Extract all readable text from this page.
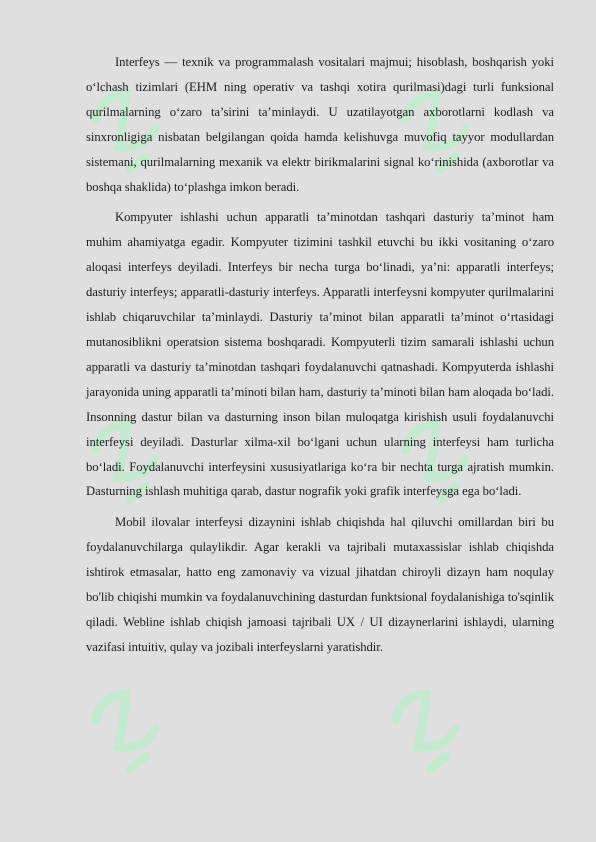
Interfeys — texnik va programmalash vositalari majmui; hisoblash, boshqarish yoki o‘lchash tizimlari (EHM ning operativ va tashqi xotira qurilmasi)dagi turli funksional qurilmalarning o‘zaro ta’sirini ta’minlaydi. U uzatilayotgan axborotlarni kodlash va sinxronligiga nisbatan belgilangan qoida hamda kelishuvga muvofiq tayyor modullardan sistemani, qurilmalarning mexanik va elektr birikmalarini signal ko‘rinishida (axborotlar va boshqa shaklida) to‘plashga imkon beradi.

Kompyuter ishlashi uchun apparatli ta’minotdan tashqari dasturiy ta’minot ham muhim ahamiyatga egadir. Kompyuter tizimini tashkil etuvchi bu ikki vositaning o‘zaro aloqasi interfeys deyiladi. Interfeys bir necha turga bo‘linadi, ya’ni: apparatli interfeys; dasturiy interfeys; apparatli-dasturiy interfeys. Apparatli interfeysni kompyuter qurilmalarini ishlab chiqaruvchilar ta’minlaydi. Dasturiy ta’minot bilan apparatli ta’minot o‘rtasidagi mutanosiblikni operatsion sistema boshqaradi. Kompyuterli tizim samarali ishlashi uchun apparatli va dasturiy ta’minotdan tashqari foydalanuvchi qatnashadi. Kompyuterda ishlashi jarayonida uning apparatli ta’minoti bilan ham, dasturiy ta’minoti bilan ham aloqada bo‘ladi. Insonning dastur bilan va dasturning inson bilan muloqatga kirishish usuli foydalanuvchi interfeysi deyiladi. Dasturlar xilma-xil bo‘lgani uchun ularning interfeysi ham turlicha bo‘ladi. Foydalanuvchi interfeysini xususiyatlariga ko‘ra bir nechta turga ajratish mumkin. Dasturning ishlash muhitiga qarab, dastur nografik yoki grafik interfeysga ega bo‘ladi.

Mobil ilovalar interfeysi dizaynini ishlab chiqishda hal qiluvchi omillardan biri bu foydalanuvchilarga qulaylikdir. Agar kerakli va tajribali mutaxassislar ishlab chiqishda ishtirok etmasalar, hatto eng zamonaviy va vizual jihatdan chiroyli dizayn ham noqulay bo'lib chiqishi mumkin va foydalanuvchining dasturdan funktsional foydalanishiga to'sqinlik qiladi. Webline ishlab chiqish jamoasi tajribali UX / UI dizaynerlarini ishlaydi, ularning vazifasi intuitiv, qulay va jozibali interfeyslarni yaratishdir.
